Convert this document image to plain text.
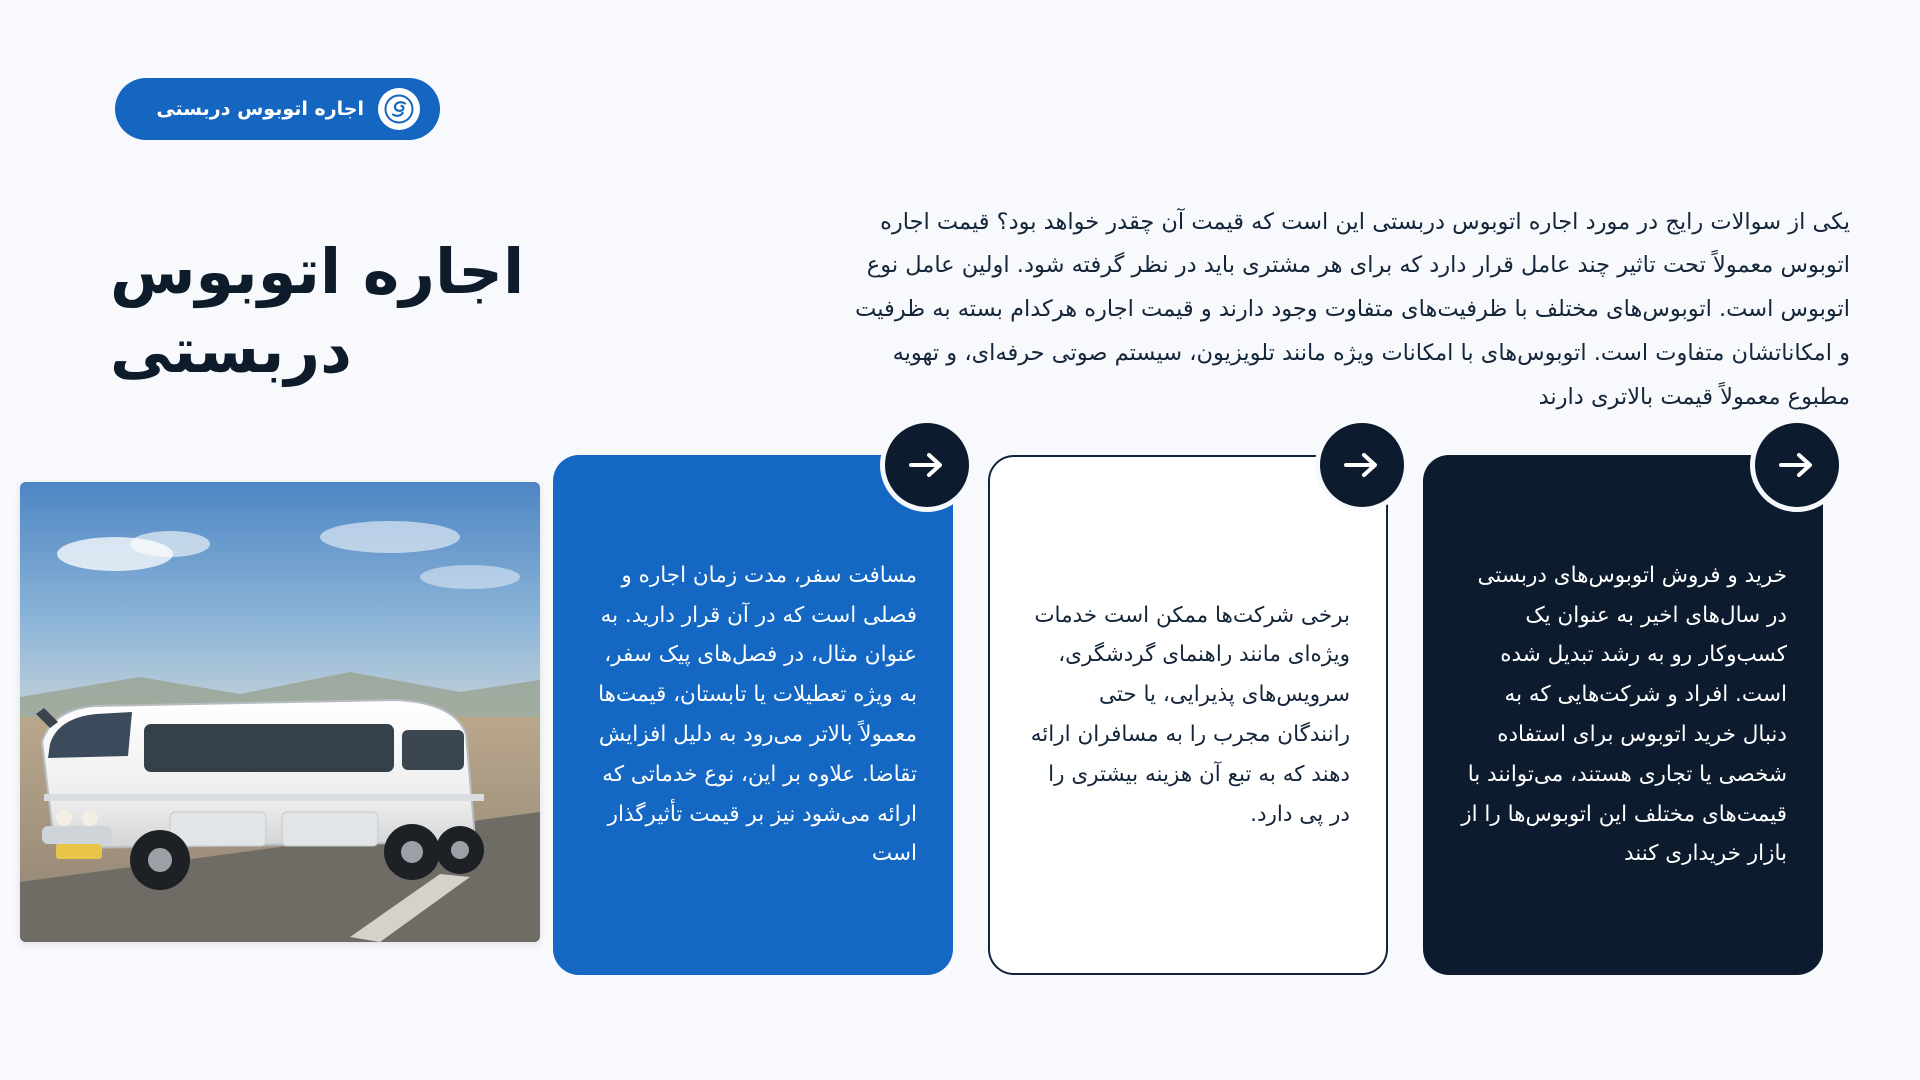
اجاره اتوبوس دربستی
اجاره اتوبوس دربستی

یکی از سوالات رایج در مورد اجاره اتوبوس دربستی این است که قیمت آن چقدر خواهد بود؟ قیمت اجاره اتوبوس معمولاً تحت تاثیر چند عامل قرار دارد که برای هر مشتری باید در نظر گرفته شود. اولین عامل نوع اتوبوس است. اتوبوس‌های مختلف با ظرفیت‌های متفاوت وجود دارند و قیمت اجاره هرکدام بسته به ظرفیت و امکاناتشان متفاوت است. اتوبوس‌های با امکانات ویژه مانند تلویزیون، سیستم صوتی حرفه‌ای، و تهویه مطبوع معمولاً قیمت بالاتری دارند

مسافت سفر، مدت زمان اجاره و فصلی است که در آن قرار دارید. به عنوان مثال، در فصل‌های پیک سفر، به ویژه تعطیلات یا تابستان، قیمت‌ها معمولاً بالاتر می‌رود به دلیل افزایش تقاضا. علاوه بر این، نوع خدماتی که ارائه می‌شود نیز بر قیمت تأثیرگذار است
برخی شرکت‌ها ممکن است خدمات ویژه‌ای مانند راهنمای گردشگری، سرویس‌های پذیرایی، یا حتی رانندگان مجرب را به مسافران ارائه دهند که به تبع آن هزینه بیشتری را در پی دارد.
خرید و فروش اتوبوس‌های دربستی در سال‌های اخیر به عنوان یک کسب‌وکار رو به رشد تبدیل شده است. افراد و شرکت‌هایی که به دنبال خرید اتوبوس برای استفاده شخصی یا تجاری هستند، می‌توانند با قیمت‌های مختلف این اتوبوس‌ها را از بازار خریداری کنند
